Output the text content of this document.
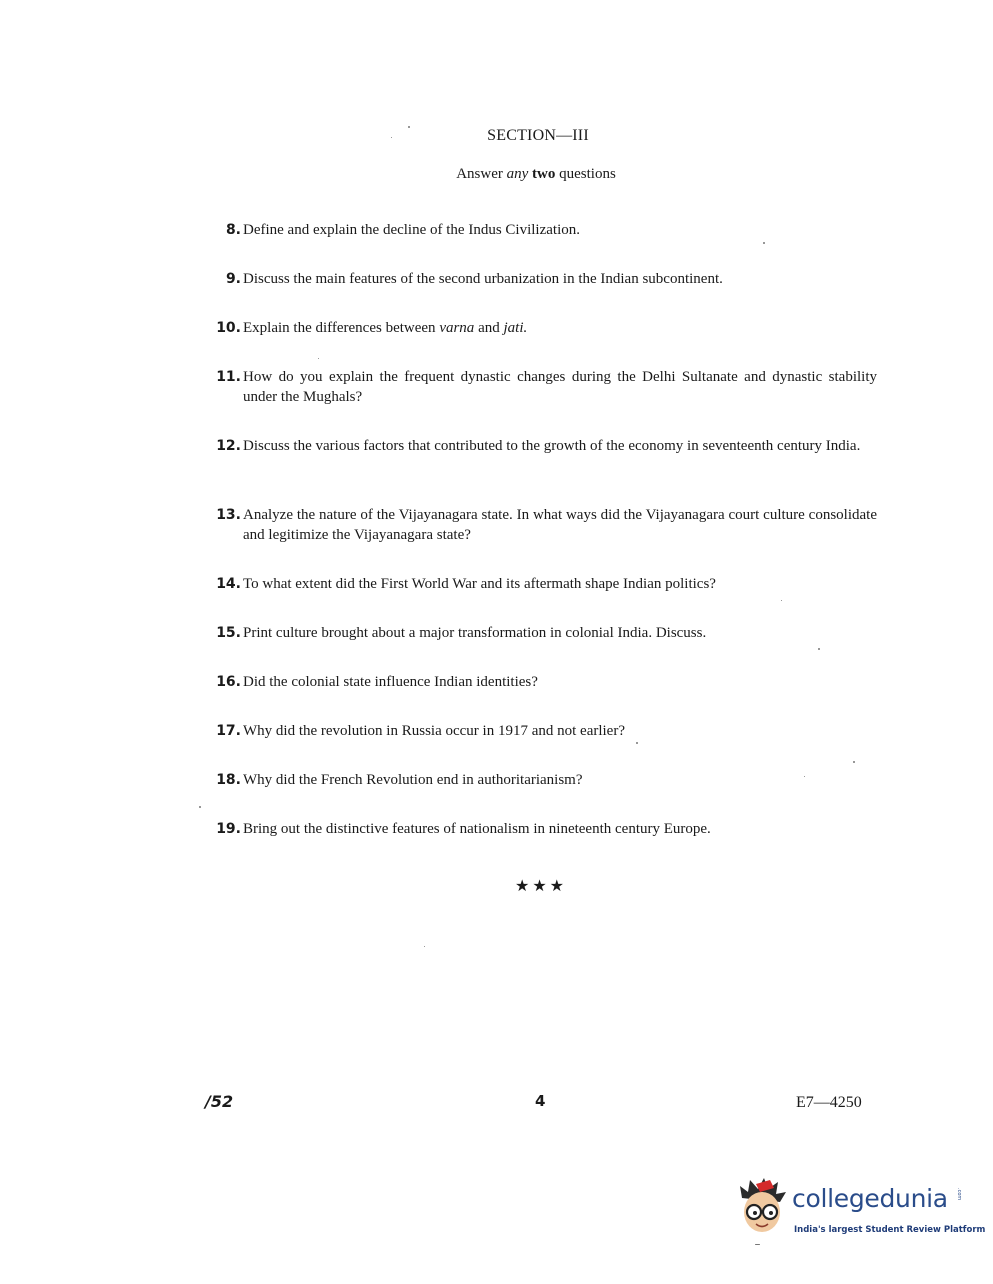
SECTION—III
Answer any two questions
8. Define and explain the decline of the Indus Civilization.
9. Discuss the main features of the second urbanization in the Indian subcontinent.
10. Explain the differences between varna and jati.
11. How do you explain the frequent dynastic changes during the Delhi Sultanate and dynastic stability under the Mughals?
12. Discuss the various factors that contributed to the growth of the economy in seventeenth century India.
13. Analyze the nature of the Vijayanagara state. In what ways did the Vijayanagara court culture consolidate and legitimize the Vijayanagara state?
14. To what extent did the First World War and its aftermath shape Indian politics?
15. Print culture brought about a major transformation in colonial India. Discuss.
16. Did the colonial state influence Indian identities?
17. Why did the revolution in Russia occur in 1917 and not earlier?
18. Why did the French Revolution end in authoritarianism?
19. Bring out the distinctive features of nationalism in nineteenth century Europe.
★★★
/52	4	E7—4250
collegedunia .com
India's largest Student Review Platform
